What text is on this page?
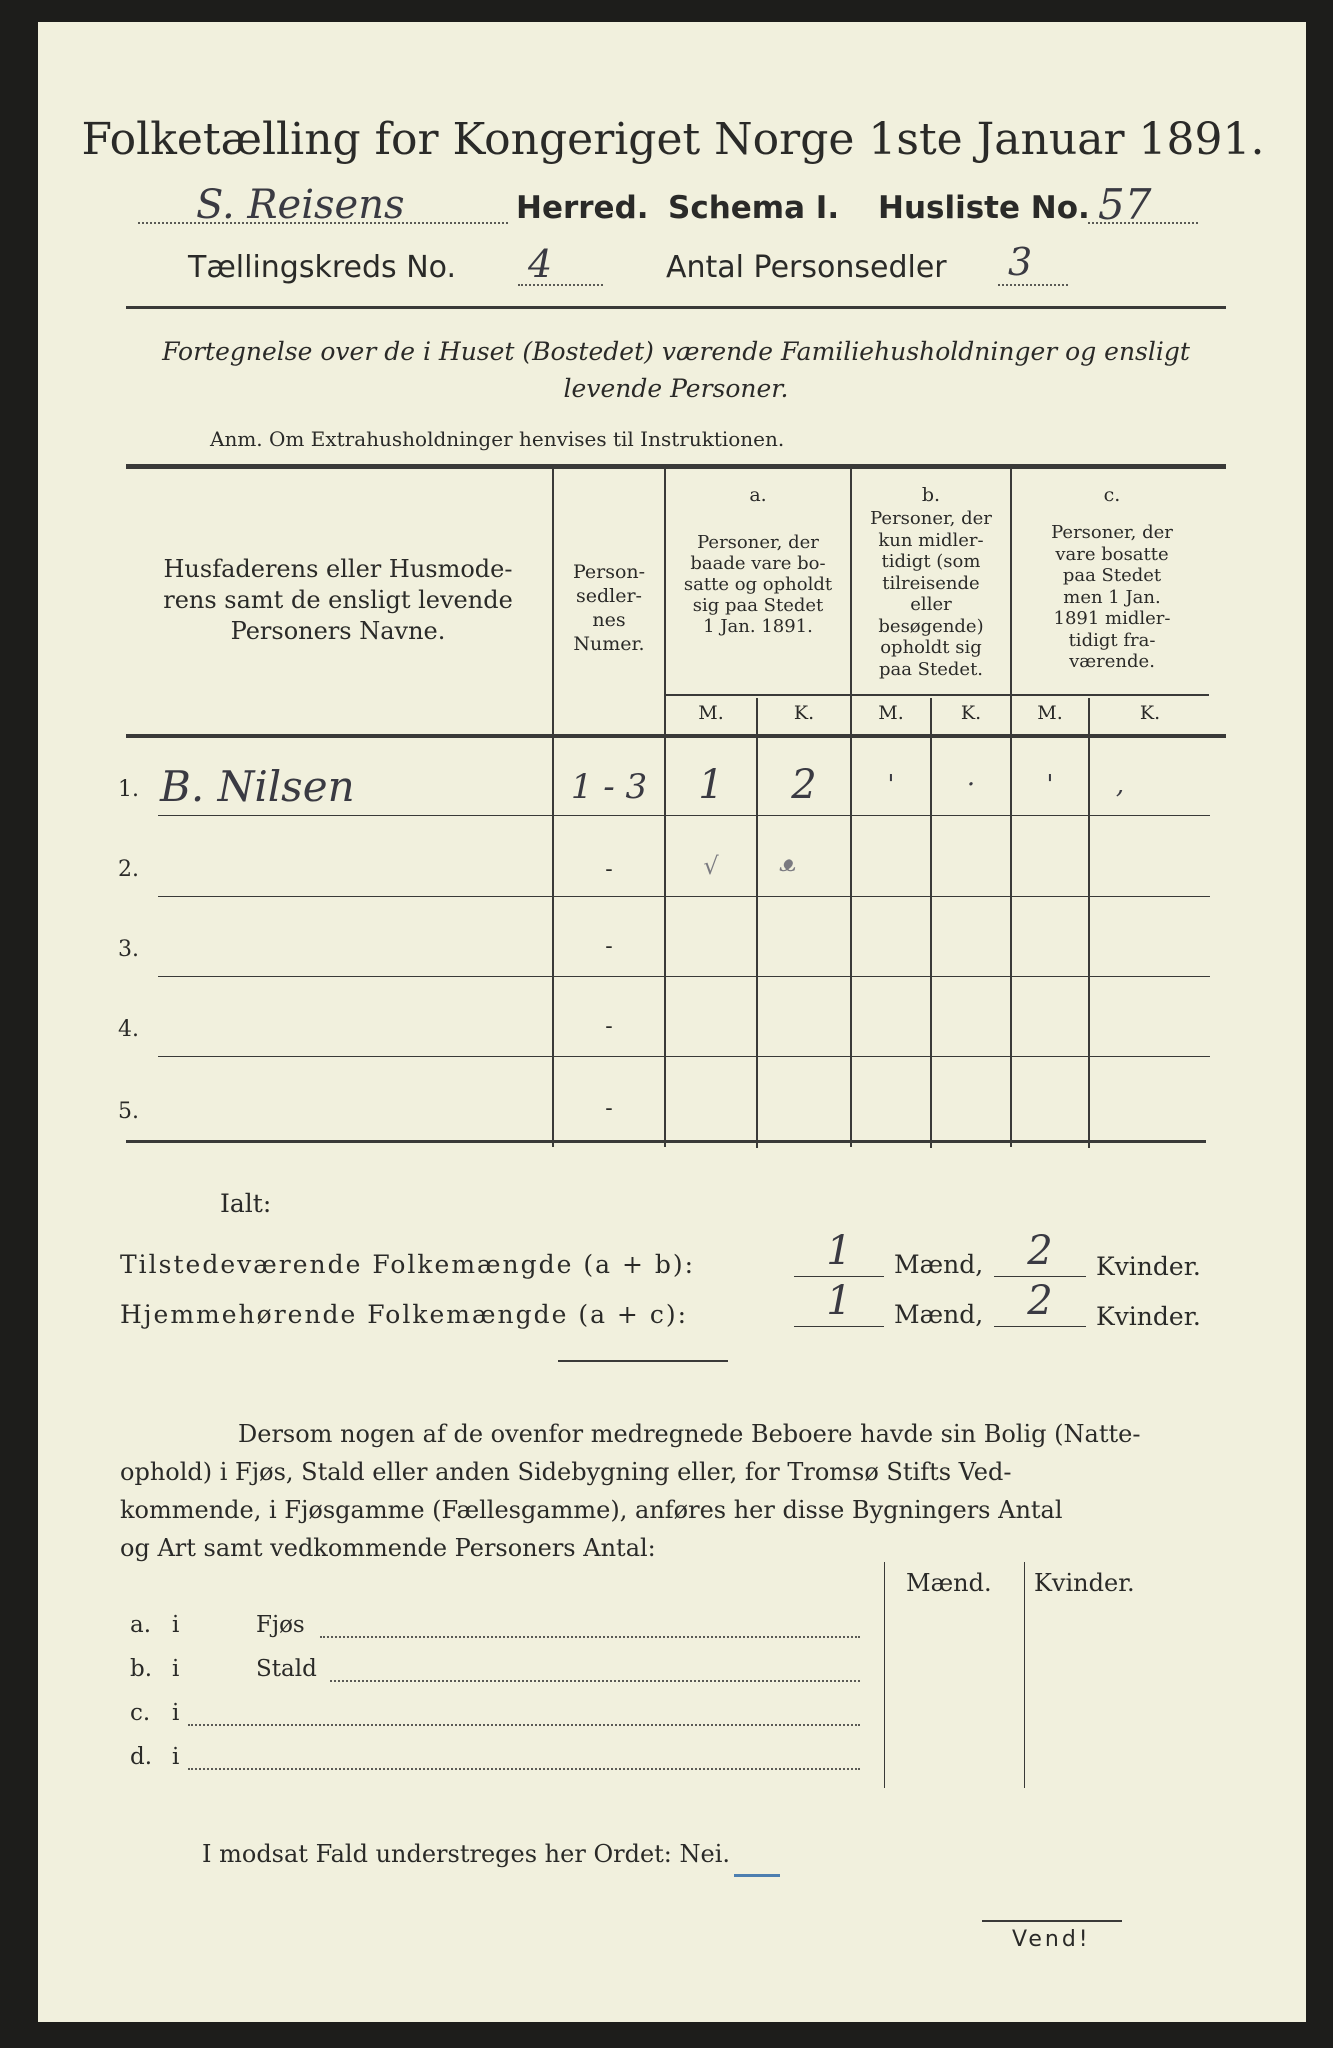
Folketælling for Kongeriget Norge 1ste Januar 1891.
S. Reisens	Herred. Schema I. Husliste No. 57
Tællingskreds No. 4	Antal Personsedler 3
Fortegnelse over de i Huset (Bostedet) værende Familiehusholdninger og ensligt
levende Personer.
Anm. Om Extrahusholdninger henvises til Instruktionen.
Husfaderens eller Husmode-
rens samt de ensligt levende
Personers Navne.
Person-
sedler-
nes
Numer.
a.
Personer, der
baade vare bo-
satte og opholdt
sig paa Stedet
1 Jan. 1891.
b.
Personer, der
kun midler-
tidigt (som
tilreisende
eller
besøgende)
opholdt sig
paa Stedet.
c.
Personer, der
vare bosatte
paa Stedet
men 1 Jan.
1891 midler-
tidigt fra-
værende.
M.	K.	M.	K.	M.	K.
1. B. Nilsen	1 - 3	1	2	'	·	'	,
2.	-	√	ᴥ
3.	-
4.	-
5.	-
Ialt:
Tilstedeværende Folkemængde (a + b):	1	Mænd,	2	Kvinder.
Hjemmehørende Folkemængde (a + c):	1	Mænd,	2	Kvinder.
Dersom nogen af de ovenfor medregnede Beboere havde sin Bolig (Natte-
ophold) i Fjøs, Stald eller anden Sidebygning eller, for Tromsø Stifts Ved-
kommende, i Fjøsgamme (Fællesgamme), anføres her disse Bygningers Antal
og Art samt vedkommende Personers Antal:
Mænd. Kvinder.
a. i	Fjøs
b. i	Stald
c. i
d. i
I modsat Fald understreges her Ordet: Nei.
Vend!
